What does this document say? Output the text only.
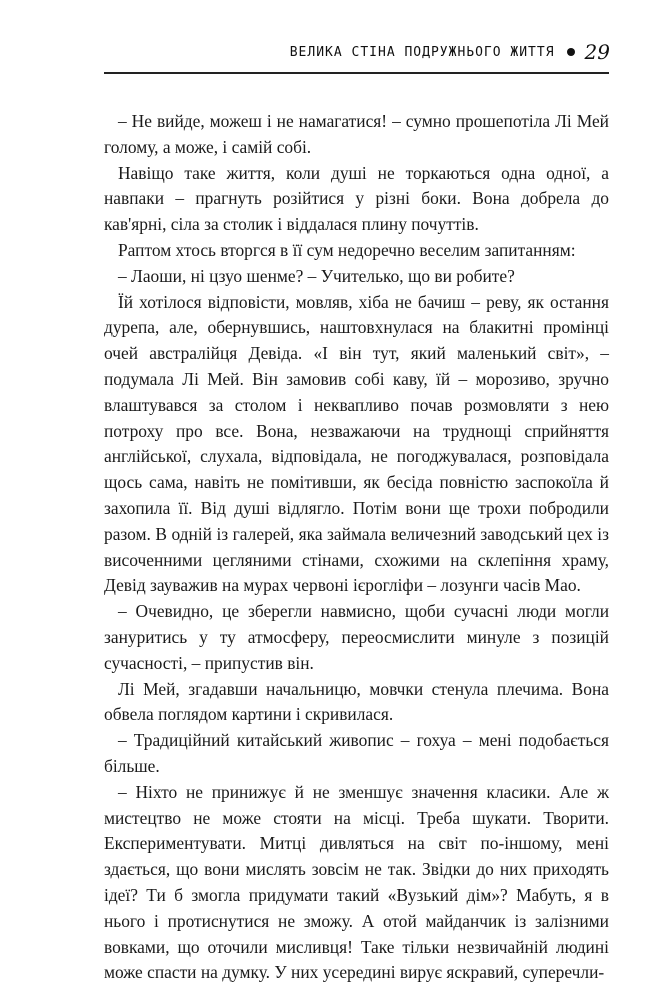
ВЕЛИКА СТІНА ПОДРУЖНЬОГО ЖИТТЯ 29

– Не вийде, можеш і не намагатися! – сумно прошепотіла Лі Мей голому, а може, і самій собі.

Навіщо таке життя, коли душі не торкаються одна одної, а навпаки – прагнуть розійтися у різні боки. Вона добрела до кав'ярні, сіла за столик і віддалася плину почуттів.

Раптом хтось вторгся в її сум недоречно веселим запитанням:

– Лаоши, ні цзуо шенме? – Учителько, що ви робите?

Їй хотілося відповісти, мовляв, хіба не бачиш – реву, як остання дурепа, але, обернувшись, наштовхнулася на блакитні промінці очей австралійця Девіда. «І він тут, який маленький світ», – подумала Лі Мей. Він замовив собі каву, їй – морозиво, зручно влаштувався за столом і неквапливо почав розмовляти з нею потроху про все. Вона, незважаючи на труднощі сприйняття англійської, слухала, відповідала, не погоджувалася, розповідала щось сама, навіть не помітивши, як бесіда повністю заспокоїла й захопила її. Від душі відлягло. Потім вони ще трохи побродили разом. В одній із галерей, яка займала величезний заводський цех із височенними цегляними стінами, схожими на склепіння храму, Девід зауважив на мурах червоні ієрогліфи – лозунги часів Мао.

– Очевидно, це зберегли навмисно, щоби сучасні люди могли зануритись у ту атмосферу, переосмислити минуле з позицій сучасності, – припустив він.

Лі Мей, згадавши начальницю, мовчки стенула плечима. Вона обвела поглядом картини і скривилася.

– Традиційний китайський живопис – гохуа – мені подобається більше.

– Ніхто не принижує й не зменшує значення класики. Але ж мистецтво не може стояти на місці. Треба шукати. Творити. Експериментувати. Митці дивляться на світ по-іншому, мені здається, що вони мислять зовсім не так. Звідки до них приходять ідеї? Ти б змогла придумати такий «Вузький дім»? Мабуть, я в нього і протиснутися не зможу. А отой майданчик із залізними вовками, що оточили мисливця! Таке тільки незвичайній людині може спасти на думку. У них усередині вирує яскравий, суперечли-
